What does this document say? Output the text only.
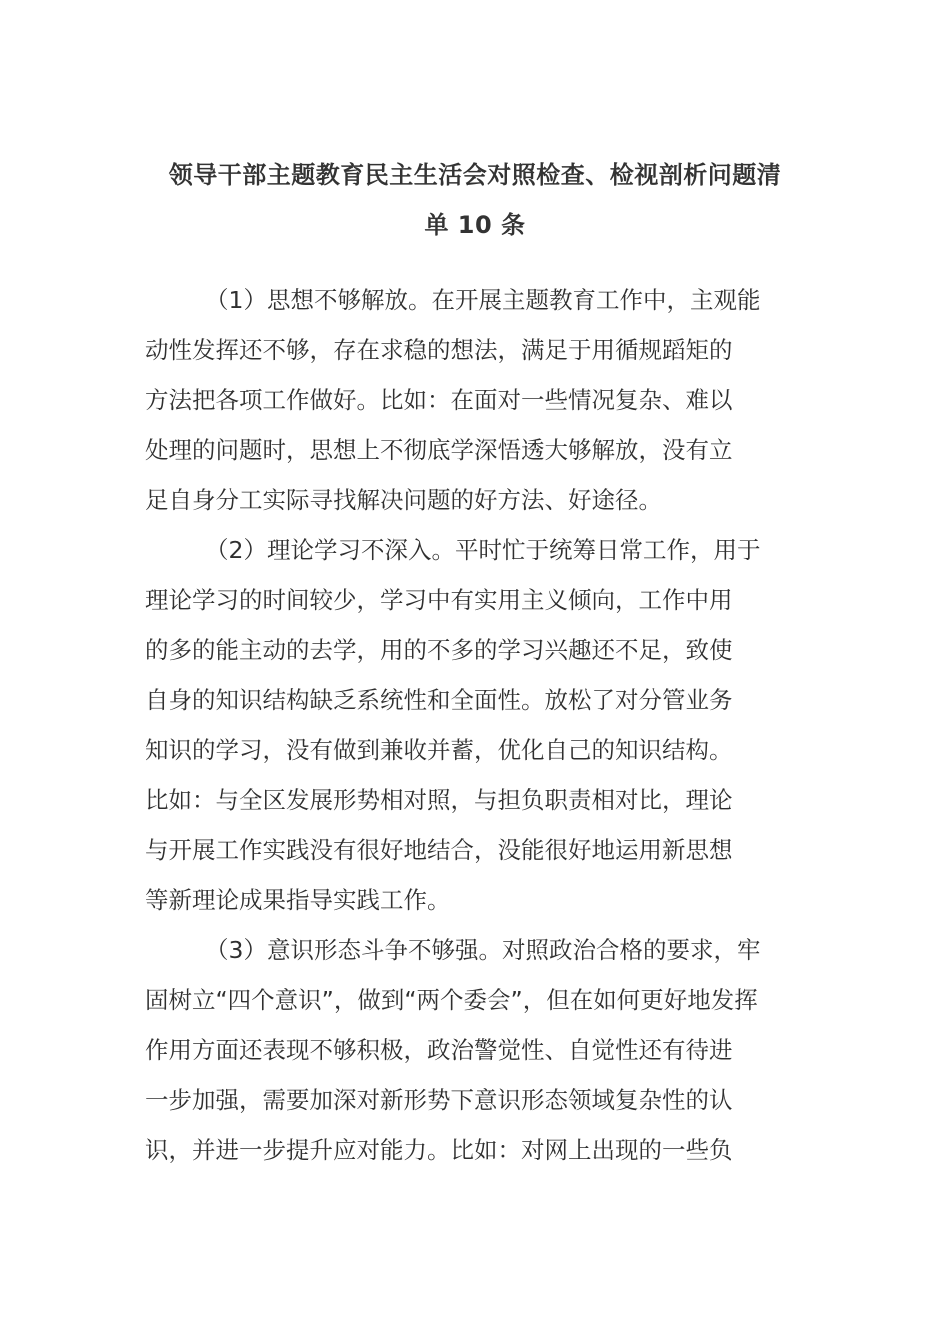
领导干部主题教育民主生活会对照检查、检视剖析问题清
单 10 条
（1）思想不够解放。在开展主题教育工作中，主观能
动性发挥还不够，存在求稳的想法，满足于用循规蹈矩的
方法把各项工作做好。比如：在面对一些情况复杂、难以
处理的问题时，思想上不彻底学深悟透大够解放，没有立
足自身分工实际寻找解决问题的好方法、好途径。
（2）理论学习不深入。平时忙于统筹日常工作，用于
理论学习的时间较少，学习中有实用主义倾向，工作中用
的多的能主动的去学，用的不多的学习兴趣还不足，致使
自身的知识结构缺乏系统性和全面性。放松了对分管业务
知识的学习，没有做到兼收并蓄，优化自己的知识结构。
比如：与全区发展形势相对照，与担负职责相对比，理论
与开展工作实践没有很好地结合，没能很好地运用新思想
等新理论成果指导实践工作。
（3）意识形态斗争不够强。对照政治合格的要求，牢
固树立“四个意识”，做到“两个委会”，但在如何更好地发挥
作用方面还表现不够积极，政治警觉性、自觉性还有待进
一步加强，需要加深对新形势下意识形态领域复杂性的认
识，并进一步提升应对能力。比如：对网上出现的一些负
